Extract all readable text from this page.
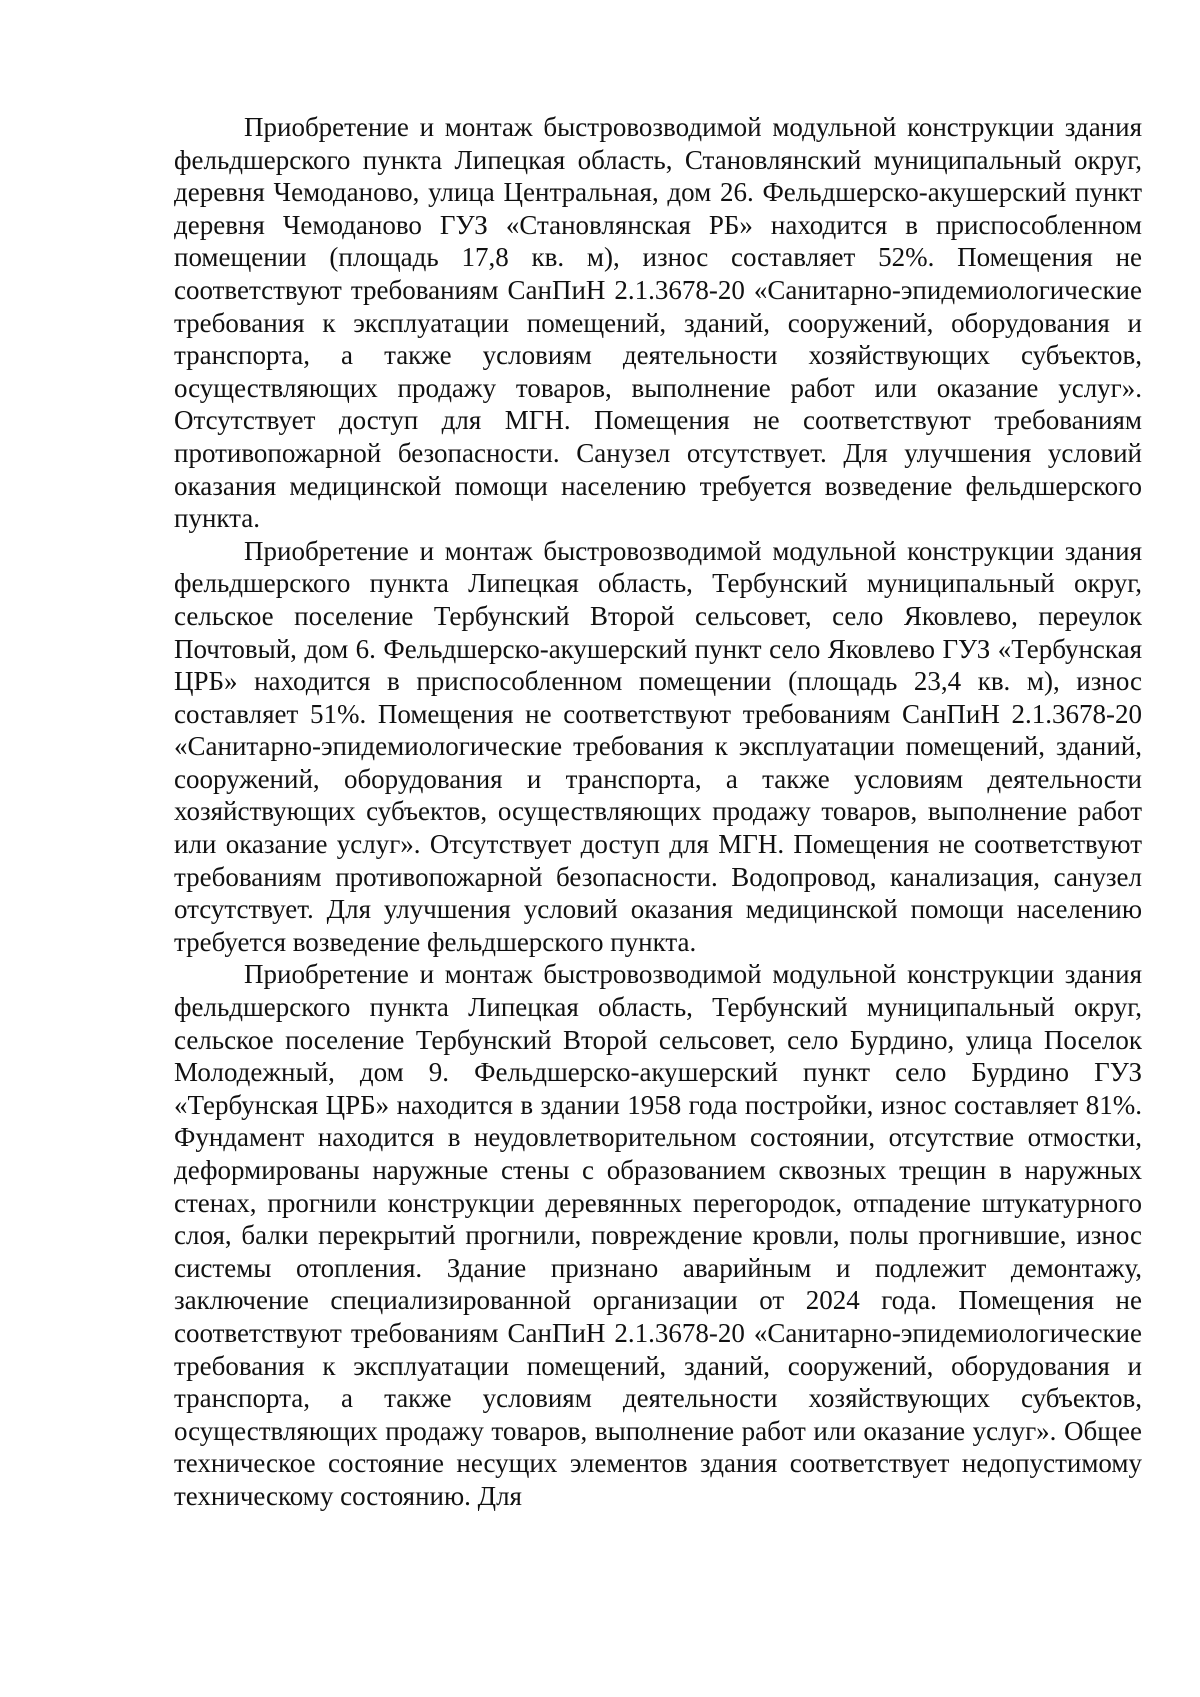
Приобретение и монтаж быстровозводимой модульной конструкции здания фельдшерского пункта Липецкая область, Становлянский муниципальный округ, деревня Чемоданово, улица Центральная, дом 26. Фельдшерско-акушерский пункт деревня Чемоданово ГУЗ «Становлянская РБ» находится в приспособленном помещении (площадь 17,8 кв. м), износ составляет 52%. Помещения не соответствуют требованиям СанПиН 2.1.3678-20 «Санитарно-эпидемиологические требования к эксплуатации помещений, зданий, сооружений, оборудования и транспорта, а также условиям деятельности хозяйствующих субъектов, осуществляющих продажу товаров, выполнение работ или оказание услуг». Отсутствует доступ для МГН. Помещения не соответствуют требованиям противопожарной безопасности. Санузел отсутствует. Для улучшения условий оказания медицинской помощи населению требуется возведение фельдшерского пункта.

Приобретение и монтаж быстровозводимой модульной конструкции здания фельдшерского пункта Липецкая область, Тербунский муниципальный округ, сельское поселение Тербунский Второй сельсовет, село Яковлево, переулок Почтовый, дом 6. Фельдшерско-акушерский пункт село Яковлево ГУЗ «Тербунская ЦРБ» находится в приспособленном помещении (площадь 23,4 кв. м), износ составляет 51%. Помещения не соответствуют требованиям СанПиН 2.1.3678-20 «Санитарно-эпидемиологические требования к эксплуатации помещений, зданий, сооружений, оборудования и транспорта, а также условиям деятельности хозяйствующих субъектов, осуществляющих продажу товаров, выполнение работ или оказание услуг». Отсутствует доступ для МГН. Помещения не соответствуют требованиям противопожарной безопасности. Водопровод, канализация, санузел отсутствует. Для улучшения условий оказания медицинской помощи населению требуется возведение фельдшерского пункта.

Приобретение и монтаж быстровозводимой модульной конструкции здания фельдшерского пункта Липецкая область, Тербунский муниципальный округ, сельское поселение Тербунский Второй сельсовет, село Бурдино, улица Поселок Молодежный, дом 9. Фельдшерско-акушерский пункт село Бурдино ГУЗ «Тербунская ЦРБ» находится в здании 1958 года постройки, износ составляет 81%. Фундамент находится в неудовлетворительном состоянии, отсутствие отмостки, деформированы наружные стены с образованием сквозных трещин в наружных стенах, прогнили конструкции деревянных перегородок, отпадение штукатурного слоя, балки перекрытий прогнили, повреждение кровли, полы прогнившие, износ системы отопления. Здание признано аварийным и подлежит демонтажу, заключение специализированной организации от 2024 года. Помещения не соответствуют требованиям СанПиН 2.1.3678-20 «Санитарно-эпидемиологические требования к эксплуатации помещений, зданий, сооружений, оборудования и транспорта, а также условиям деятельности хозяйствующих субъектов, осуществляющих продажу товаров, выполнение работ или оказание услуг». Общее техническое состояние несущих элементов здания соответствует недопустимому техническому состоянию. Для
